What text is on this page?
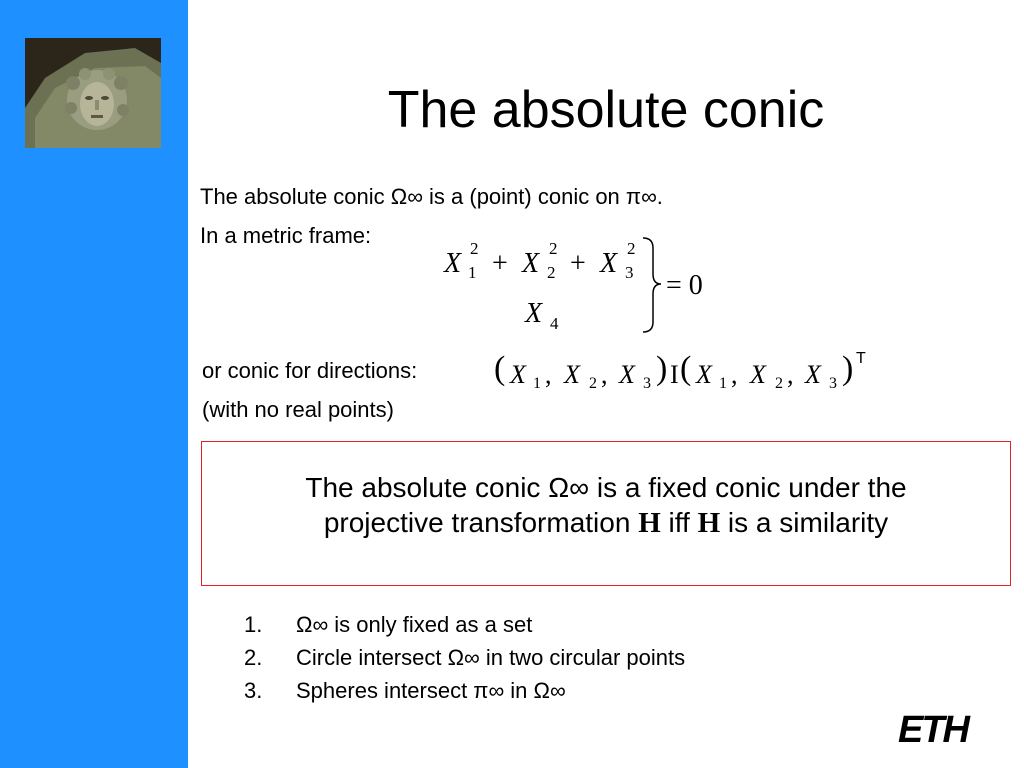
The absolute conic
The absolute conic Ω∞ is a (point) conic on π∞.
In a metric frame:
X 1
2 + X 2
2 + X 3
2
X 4
= 0
or conic for directions:
(with no real points)
( X 1 , X 2 , X 3 ) I ( X 1 , X 2 , X 3 ) T
The absolute conic Ω∞ is a fixed conic under the
projective transformation H iff H is a similarity
1.	Ω∞ is only fixed as a set
2.	Circle intersect Ω∞ in two circular points
3.	Spheres intersect π∞ in Ω∞
ETH
